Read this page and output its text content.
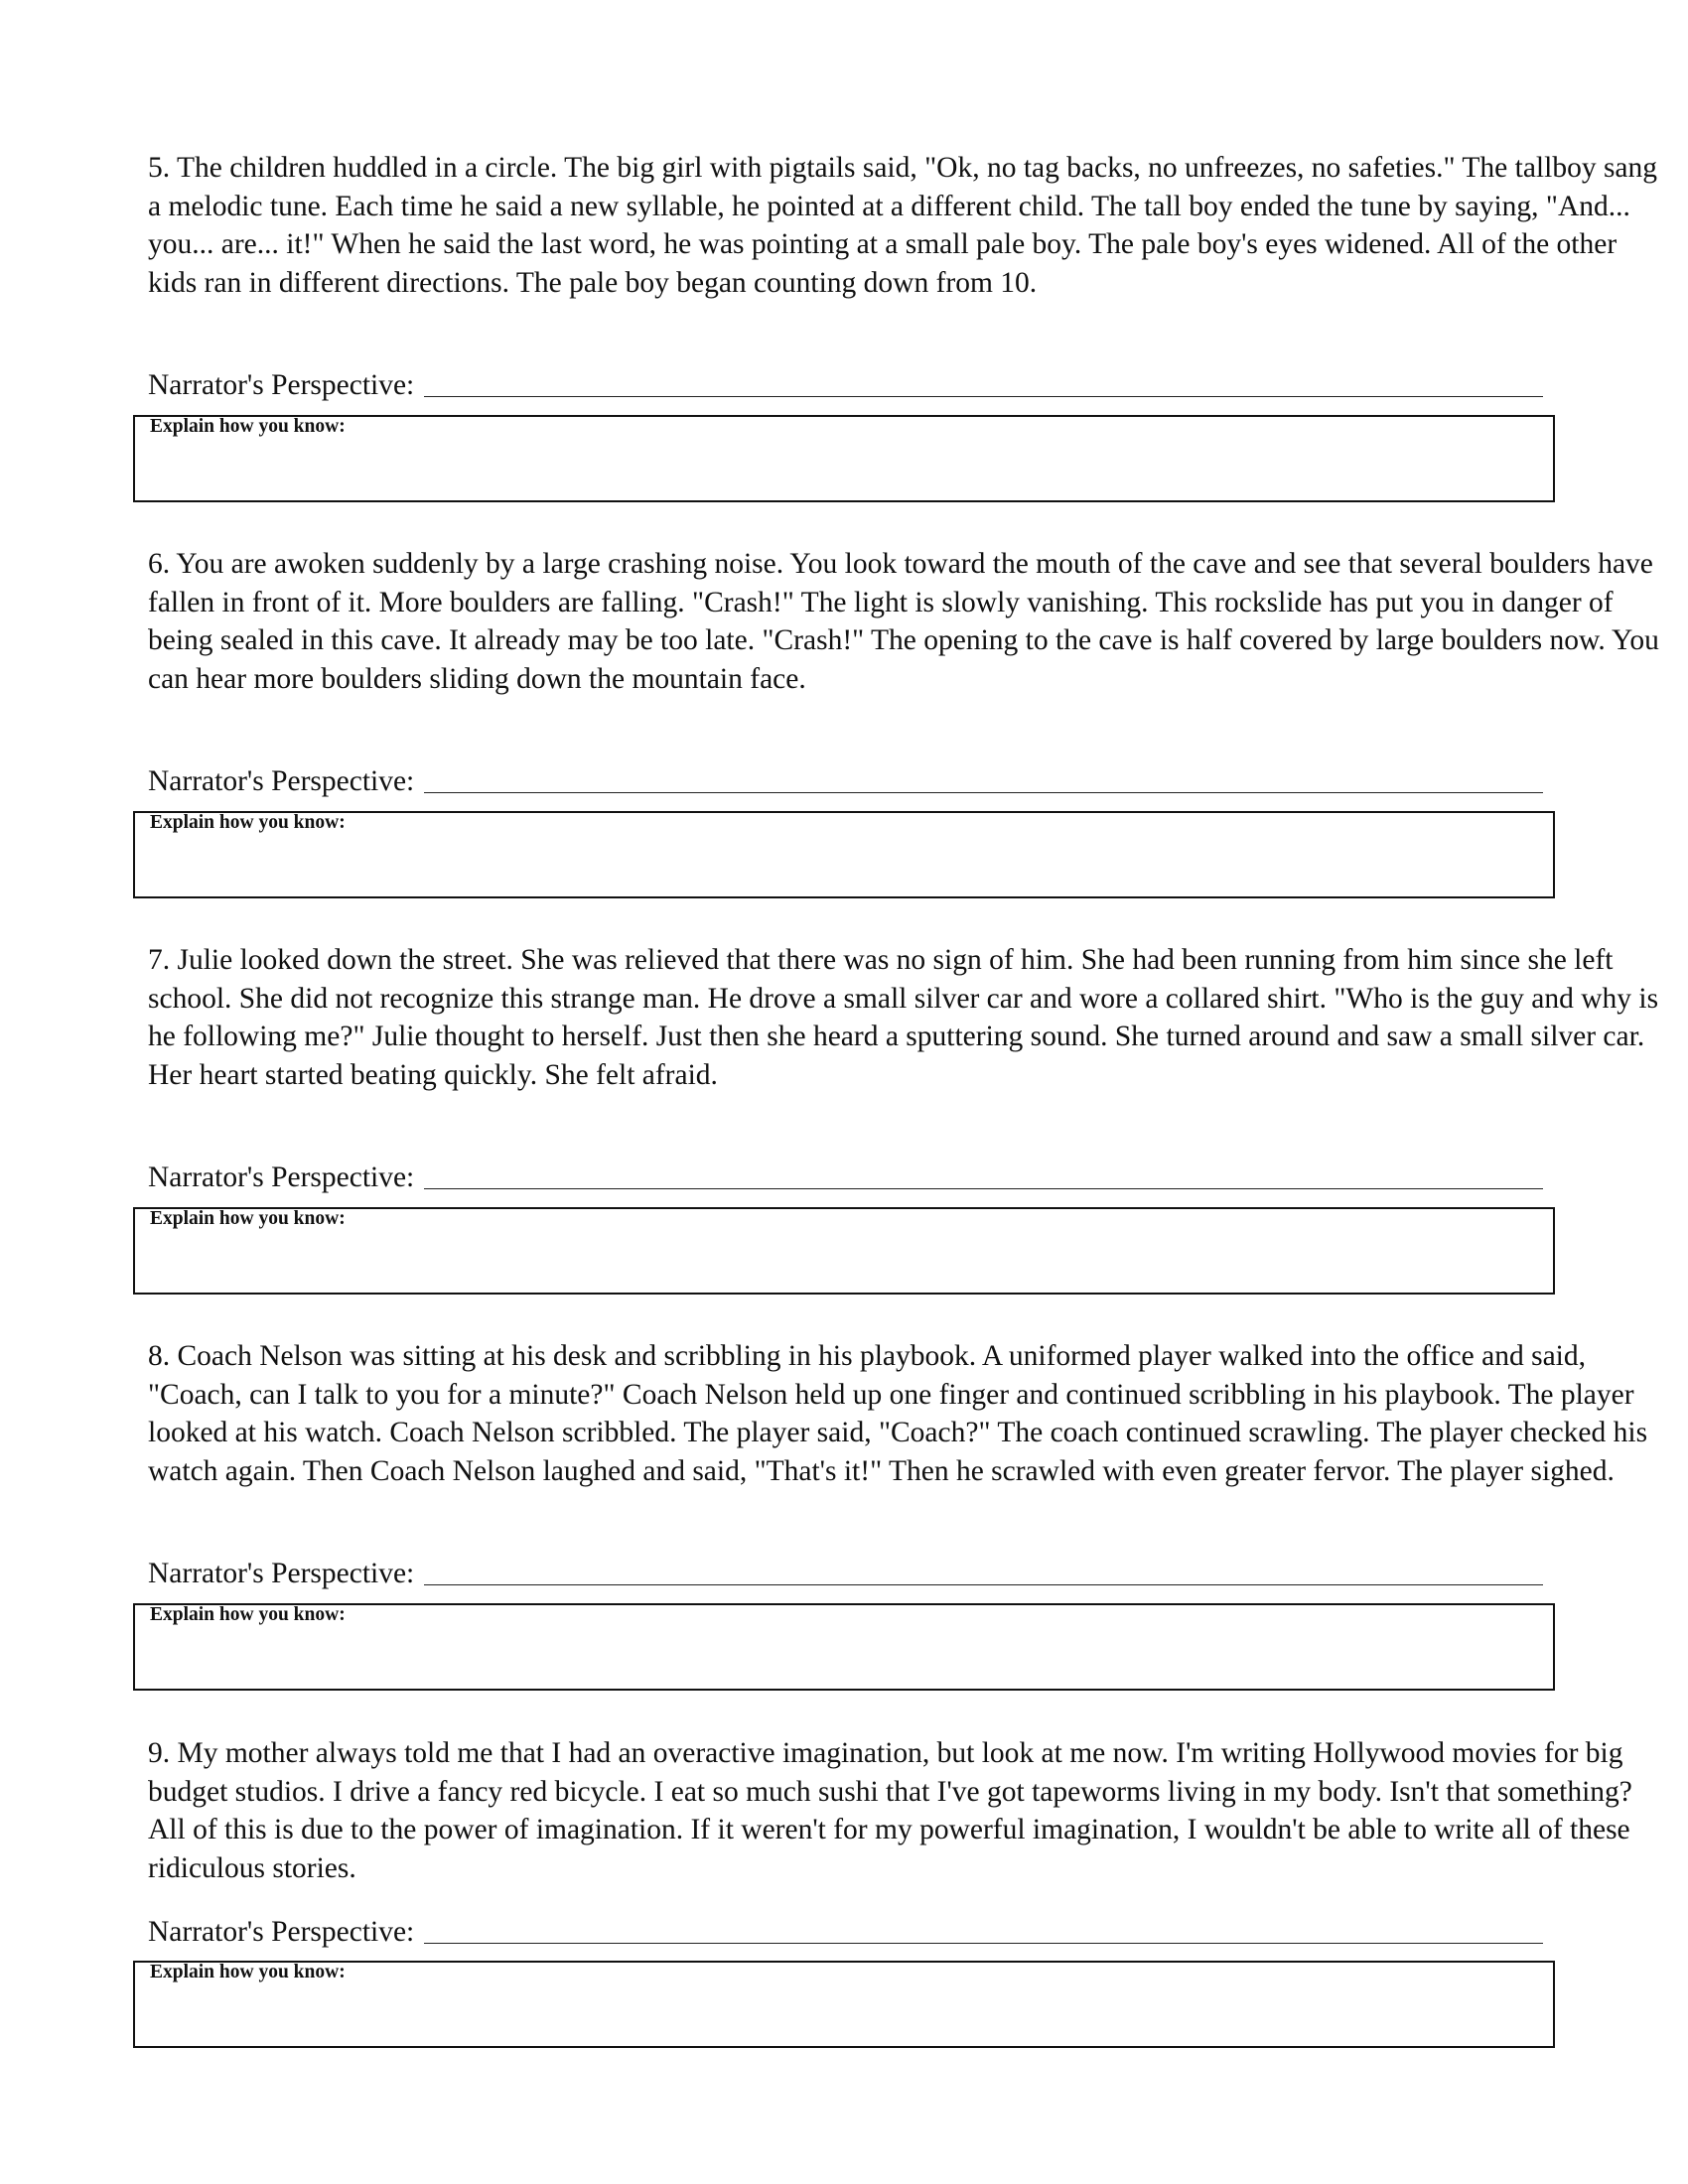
5. The children huddled in a circle. The big girl with pigtails said, "Ok, no tag backs, no unfreezes, no safeties." The tallboy sang a melodic tune. Each time he said a new syllable, he pointed at a different child. The tall boy ended the tune by saying, "And... you... are... it!" When he said the last word, he was pointing at a small pale boy. The pale boy's eyes widened. All of the other kids ran in different directions. The pale boy began counting down from 10.

Narrator's Perspective:
Explain how you know:

6. You are awoken suddenly by a large crashing noise. You look toward the mouth of the cave and see that several boulders have fallen in front of it. More boulders are falling. "Crash!" The light is slowly vanishing. This rockslide has put you in danger of being sealed in this cave. It already may be too late. "Crash!" The opening to the cave is half covered by large boulders now. You can hear more boulders sliding down the mountain face.

Narrator's Perspective:
Explain how you know:

7. Julie looked down the street. She was relieved that there was no sign of him. She had been running from him since she left school. She did not recognize this strange man. He drove a small silver car and wore a collared shirt. "Who is the guy and why is he following me?" Julie thought to herself. Just then she heard a sputtering sound. She turned around and saw a small silver car. Her heart started beating quickly. She felt afraid.

Narrator's Perspective:
Explain how you know:

8. Coach Nelson was sitting at his desk and scribbling in his playbook. A uniformed player walked into the office and said, "Coach, can I talk to you for a minute?" Coach Nelson held up one finger and continued scribbling in his playbook. The player looked at his watch. Coach Nelson scribbled. The player said, "Coach?" The coach continued scrawling. The player checked his watch again. Then Coach Nelson laughed and said, "That's it!" Then he scrawled with even greater fervor. The player sighed.

Narrator's Perspective:
Explain how you know:

9. My mother always told me that I had an overactive imagination, but look at me now. I'm writing Hollywood movies for big budget studios. I drive a fancy red bicycle. I eat so much sushi that I've got tapeworms living in my body. Isn't that something? All of this is due to the power of imagination. If it weren't for my powerful imagination, I wouldn't be able to write all of these ridiculous stories.

Narrator's Perspective:
Explain how you know:
